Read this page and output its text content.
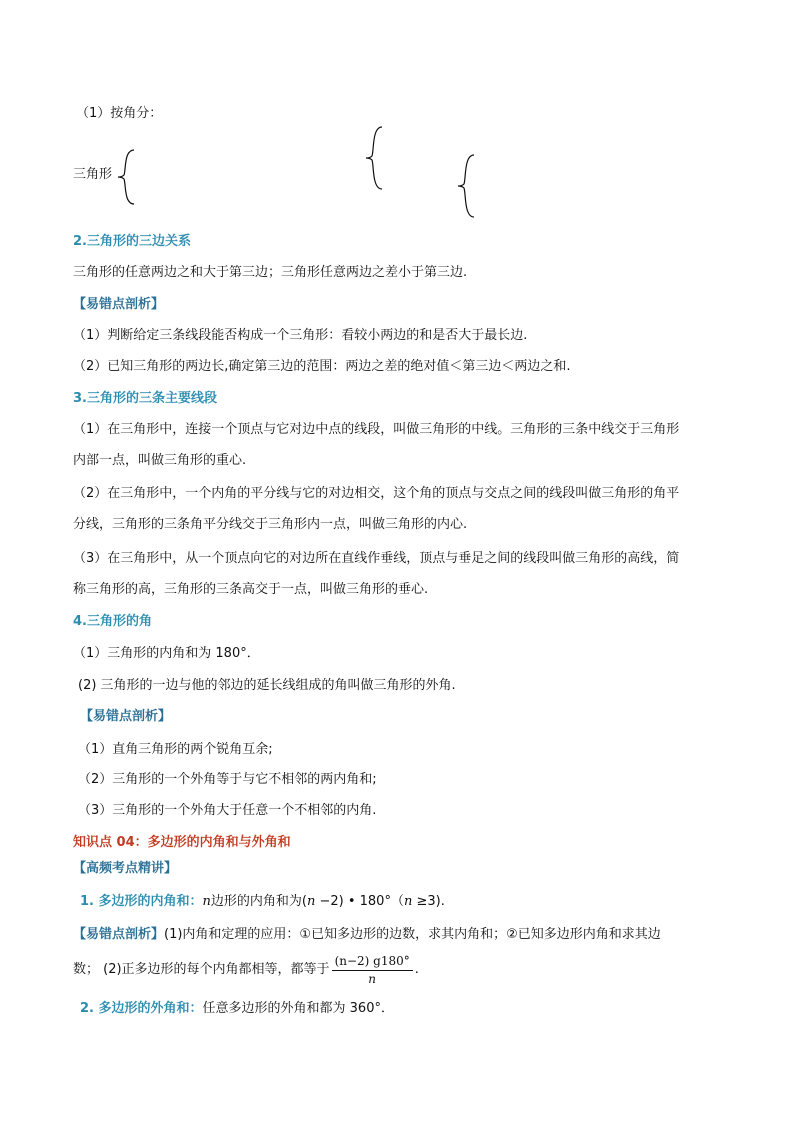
（1）按角分：
三角形
2.三角形的三边关系
三角形的任意两边之和大于第三边；三角形任意两边之差小于第三边.
【易错点剖析】
（1）判断给定三条线段能否构成一个三角形：看较小两边的和是否大于最长边.
（2）已知三角形的两边长,确定第三边的范围：两边之差的绝对值＜第三边＜两边之和.
3.三角形的三条主要线段
（1）在三角形中，连接一个顶点与它对边中点的线段，叫做三角形的中线。三角形的三条中线交于三角形
内部一点，叫做三角形的重心.
（2）在三角形中，一个内角的平分线与它的对边相交，这个角的顶点与交点之间的线段叫做三角形的角平
分线，三角形的三条角平分线交于三角形内一点，叫做三角形的内心.
（3）在三角形中，从一个顶点向它的对边所在直线作垂线，顶点与垂足之间的线段叫做三角形的高线，简
称三角形的高，三角形的三条高交于一点，叫做三角形的垂心.
4.三角形的角
（1）三角形的内角和为 180°．
(2) 三角形的一边与他的邻边的延长线组成的角叫做三角形的外角.
【易错点剖析】
（1）直角三角形的两个锐角互余;
（2）三角形的一个外角等于与它不相邻的两内角和;
（3）三角形的一个外角大于任意一个不相邻的内角.
知识点 04：多边形的内角和与外角和
【高频考点精讲】
1. 多边形的内角和：n边形的内角和为(n −2) • 180°（n ≥3).
【易错点剖析】(1)内角和定理的应用：①已知多边形的边数，求其内角和；②已知多边形内角和求其边
数； (2)正多边形的每个内角都相等，都等于 $\frac{(n-2) g180^\circ}{n}$ .
2. 多边形的外角和：任意多边形的外角和都为 360°．
